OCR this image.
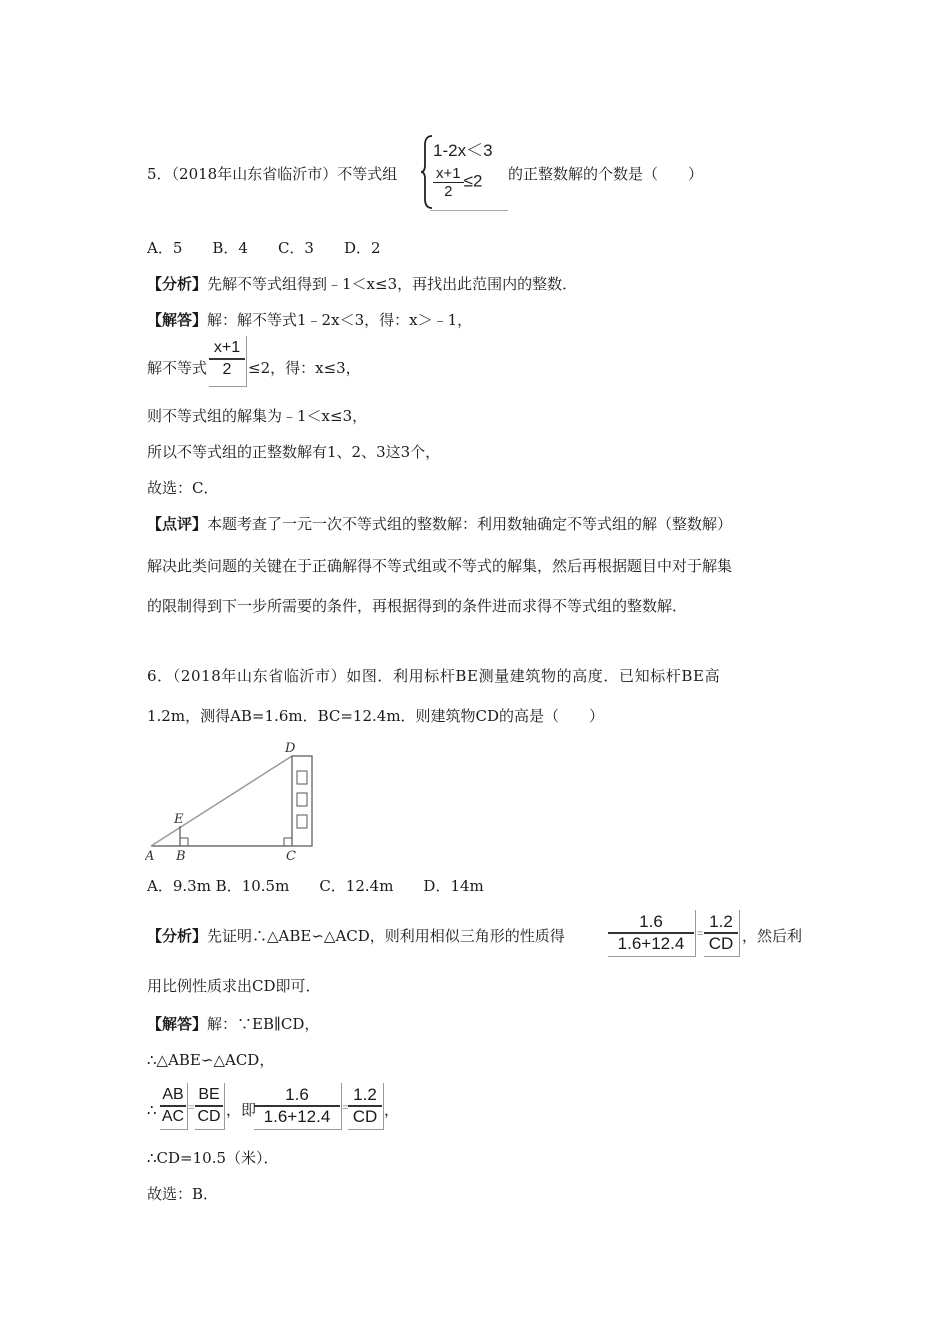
5．（2018年山东省临沂市）不等式组
1-2x＜3
$\frac{x+1}{2} \le 2$ 的正整数解的个数是（　　）
A．5　　B．4　　C．3　　D．2
【分析】先解不等式组得到﹣1＜x≤3，再找出此范围内的整数．
【解答】解：解不等式1﹣2x＜3，得：x＞﹣1，
解不等式 $\frac{x+1}{2} \le 2$，得：x≤3，
则不等式组的解集为﹣1＜x≤3，
所以不等式组的正整数解有1、2、3这3个，
故选：C．
【点评】本题考查了一元一次不等式组的整数解：利用数轴确定不等式组的解（整数解）
解决此类问题的关键在于正确解得不等式组或不等式的解集，然后再根据题目中对于解集
的限制得到下一步所需要的条件，再根据得到的条件进而求得不等式组的整数解．
6．（2018年山东省临沂市）如图．利用标杆BE测量建筑物的高度．已知标杆BE高
1.2m，测得AB=1.6m．BC=12.4m．则建筑物CD的高是（　　）
A B	C
D
E
A．9.3m B．10.5m　　C．12.4m　　D．14m
【分析】先证明∴△ABE∽△ACD，则利用相似三角形的性质得	$\frac{1.6}{1.6+12.4} = \frac{1.2}{CD}$ ，然后利
用比例性质求出CD即可．
【解答】解：∵EB∥CD，
∴△ABE∽△ACD，
∴ $\frac{AB}{AC} = \frac{BE}{CD}$ ，即
$\frac{1.6}{1.6+12.4} = \frac{1.2}{CD}$ ，
∴CD=10.5（米）．
故选：B．
